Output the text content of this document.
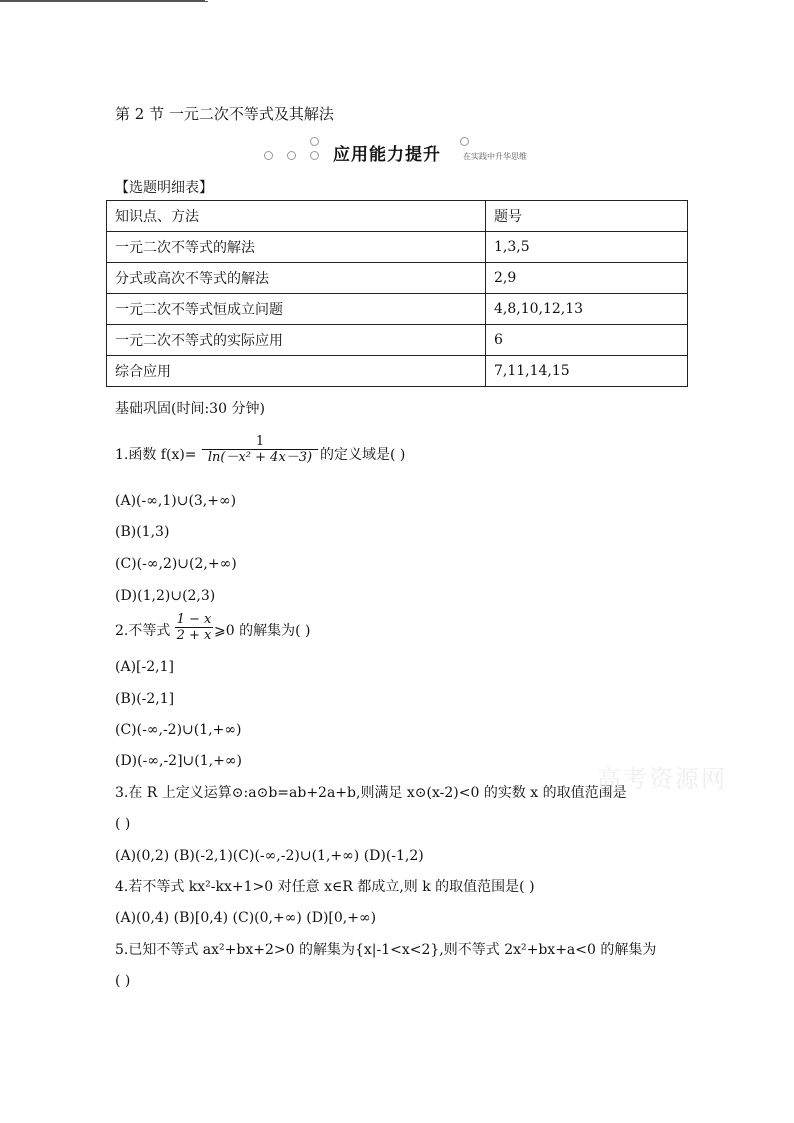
第 2 节 一元二次不等式及其解法
应用能力提升	在实践中升华思维
【选题明细表】
知识点、方法	题号
一元二次不等式的解法	1,3,5
分式或高次不等式的解法	2,9
一元二次不等式恒成立问题	4,8,10,12,13
一元二次不等式的实际应用	6
综合应用	7,11,14,15
基础巩固(时间:30 分钟)
1.函数 f(x)=
1
ln(－x² + 4x－3) 的定义域是( )
(A)(-∞,1)∪(3,+∞)
(B)(1,3)
(C)(-∞,2)∪(2,+∞)
(D)(1,2)∪(2,3)
2.不等式
1 − x
2 + x ⩾0 的解集为( )
(A)[-2,1]
(B)(-2,1]
(C)(-∞,-2)∪(1,+∞)
(D)(-∞,-2]∪(1,+∞)
3.在 R 上定义运算⊙:a⊙b=ab+2a+b,则满足 x⊙(x-2)<0 的实数 x 的取值范围是
( )
(A)(0,2) (B)(-2,1)(C)(-∞,-2)∪(1,+∞) (D)(-1,2)
4.若不等式 kx²-kx+1>0 对任意 x∈R 都成立,则 k 的取值范围是( )
(A)(0,4) (B)[0,4) (C)(0,+∞) (D)[0,+∞)
5.已知不等式 ax²+bx+2>0 的解集为{x|-1<x<2},则不等式 2x²+bx+a<0 的解集为
( )
高考资源网
